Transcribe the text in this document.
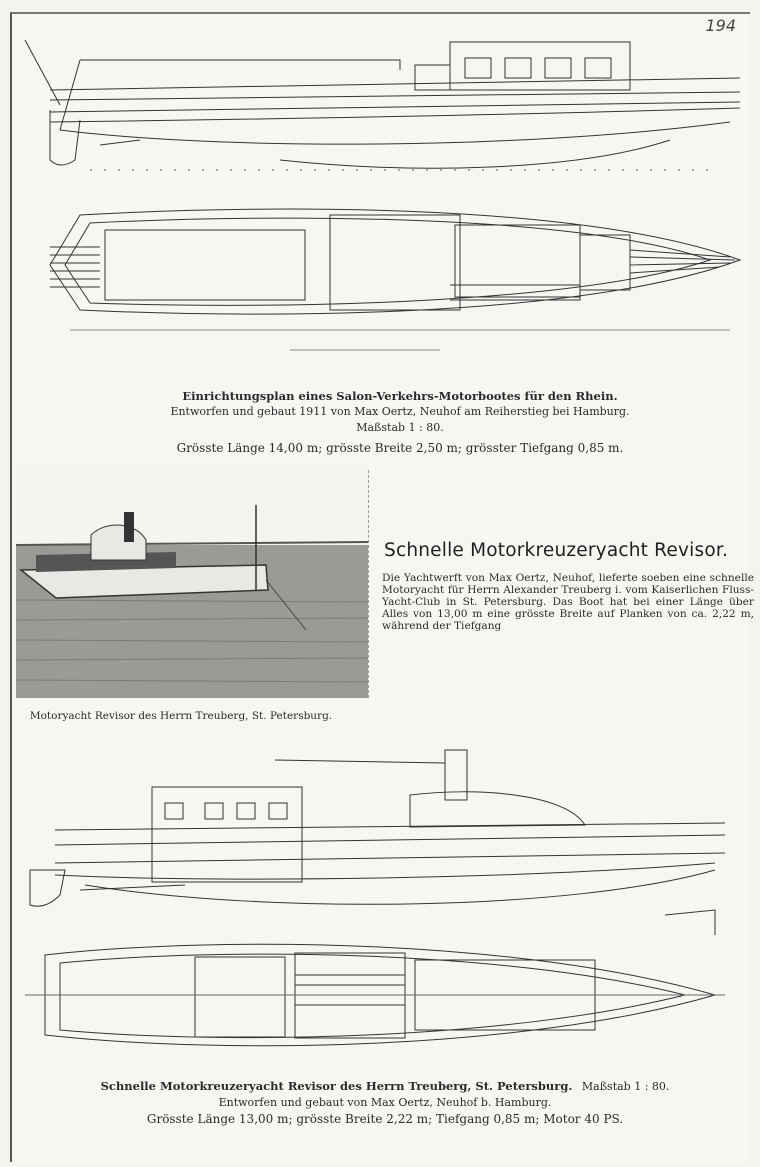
194
Einrichtungsplan eines Salon-Verkehrs-Motorbootes für den Rhein.
Entworfen und gebaut 1911 von Max Oertz, Neuhof am Reiherstieg bei Hamburg.
Maßstab 1 : 80.
Grösste Länge 14,00 m; grösste Breite 2,50 m; grösster Tiefgang 0,85 m.
Motoryacht Revisor des Herrn Treuberg, St. Petersburg.
Schnelle Motorkreuzeryacht Revisor.
Die Yachtwerft von Max Oertz, Neuhof, lieferte soeben eine schnelle Motoryacht für Herrn Alexander Treuberg i. vom Kaiserlichen Fluss-Yacht-Club in St. Petersburg. Das Boot hat bei einer Länge über Alles von 13,00 m eine grösste Breite auf Planken von ca. 2,22 m, während der Tiefgang
Schnelle Motorkreuzeryacht Revisor des Herrn Treuberg, St. Petersburg. Maßstab 1 : 80.
Entworfen und gebaut von Max Oertz, Neuhof b. Hamburg.
Grösste Länge 13,00 m; grösste Breite 2,22 m; Tiefgang 0,85 m; Motor 40 PS.
